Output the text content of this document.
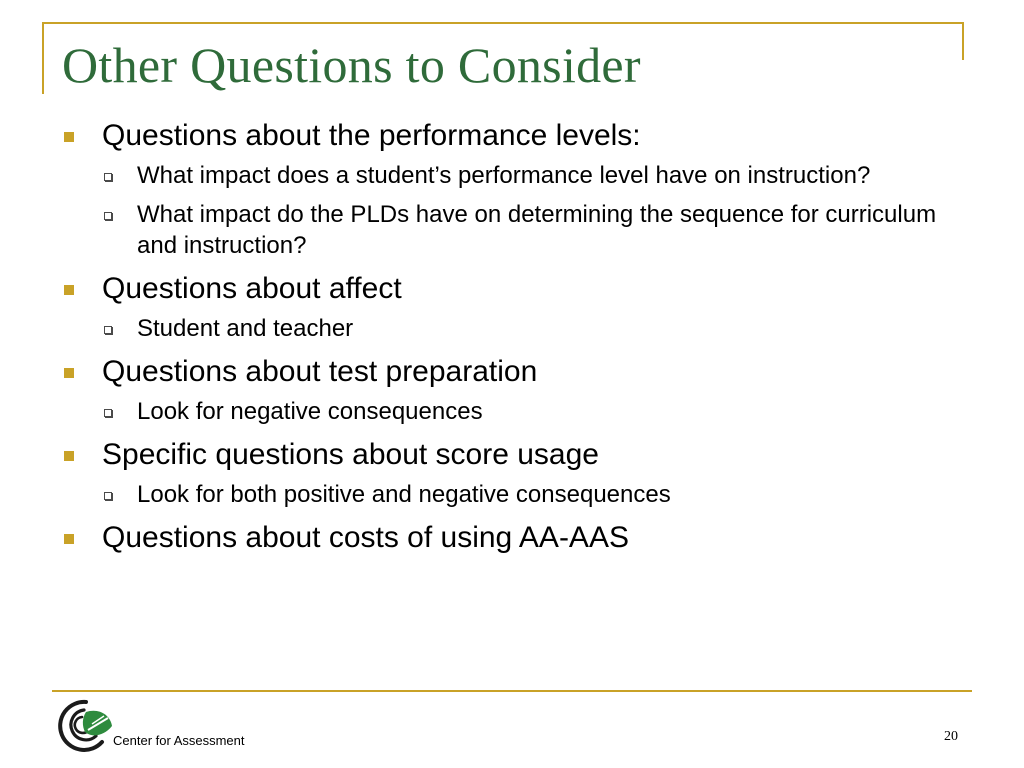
Other Questions to Consider
Questions about the performance levels:
What impact does a student’s performance level have on instruction?
What impact do the PLDs have on determining the sequence for curriculum and instruction?
Questions about affect
Student and teacher
Questions about test preparation
Look for negative consequences
Specific questions about score usage
Look for both positive and negative consequences
Questions about costs of using AA-AAS
Center for Assessment	20
